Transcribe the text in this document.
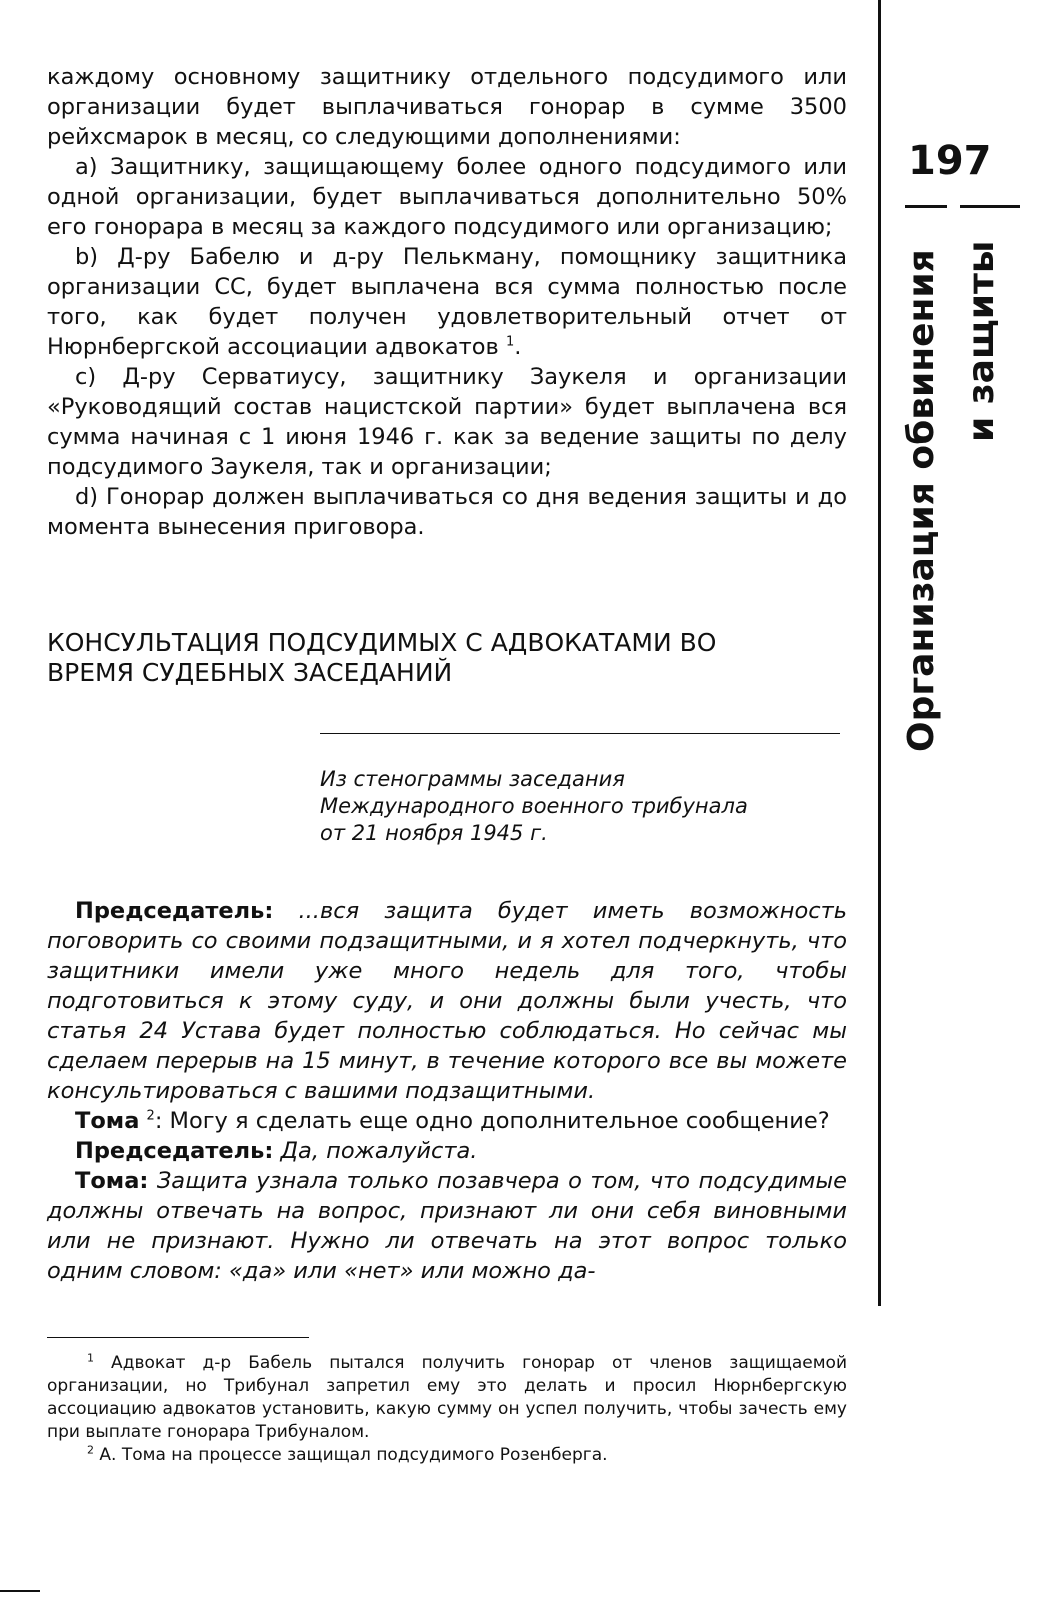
каждому основному защитнику отдельного подсудимого или организации будет выплачиваться гонорар в сумме 3500 рейхсмарок в месяц, со следующими дополнениями:

a) Защитнику, защищающему более одного подсудимого или одной организации, будет выплачиваться дополнительно 50% его гонорара в месяц за каждого подсудимого или организацию;

b) Д-ру Бабелю и д-ру Пелькману, помощнику защитника организации СС, будет выплачена вся сумма полностью после того, как будет получен удовлетворительный отчет от Нюрнбергской ассоциации адвокатов $^1$.

c) Д-ру Серватиусу, защитнику Заукеля и организации «Руководящий состав нацистской партии» будет выплачена вся сумма начиная с 1 июня 1946 г. как за ведение защиты по делу подсудимого Заукеля, так и организации;

d) Гонорар должен выплачиваться со дня ведения защиты и до момента вынесения приговора.

КОНСУЛЬТАЦИЯ ПОДСУДИМЫХ С АДВОКАТАМИ ВО ВРЕМЯ СУДЕБНЫХ ЗАСЕДАНИЙ
Из стенограммы заседания
Международного военного трибунала
от 21 ноября 1945 г.

Председатель: ...вся защита будет иметь возможность поговорить со своими подзащитными, и я хотел подчеркнуть, что защитники имели уже много недель для того, чтобы подготовиться к этому суду, и они должны были учесть, что статья 24 Устава будет полностью соблюдаться. Но сейчас мы сделаем перерыв на 15 минут, в течение которого все вы можете консультироваться с вашими подзащитными.

Тома $^2$: Могу я сделать еще одно дополнительное сообщение?

Председатель: Да, пожалуйста.

Тома: Защита узнала только позавчера о том, что подсудимые должны отвечать на вопрос, признают ли они себя виновными или не признают. Нужно ли отвечать на этот вопрос только одним словом: «да» или «нет» или можно да-

$^1$ Адвокат д-р Бабель пытался получить гонорар от членов защищаемой организации, но Трибунал запретил ему это делать и просил Нюрнбергскую ассоциацию адвокатов установить, какую сумму он успел получить, чтобы зачесть ему при выплате гонорара Трибуналом.

$^2$ А. Тома на процессе защищал подсудимого Розенберга.

197
Организация обвинения и защиты
